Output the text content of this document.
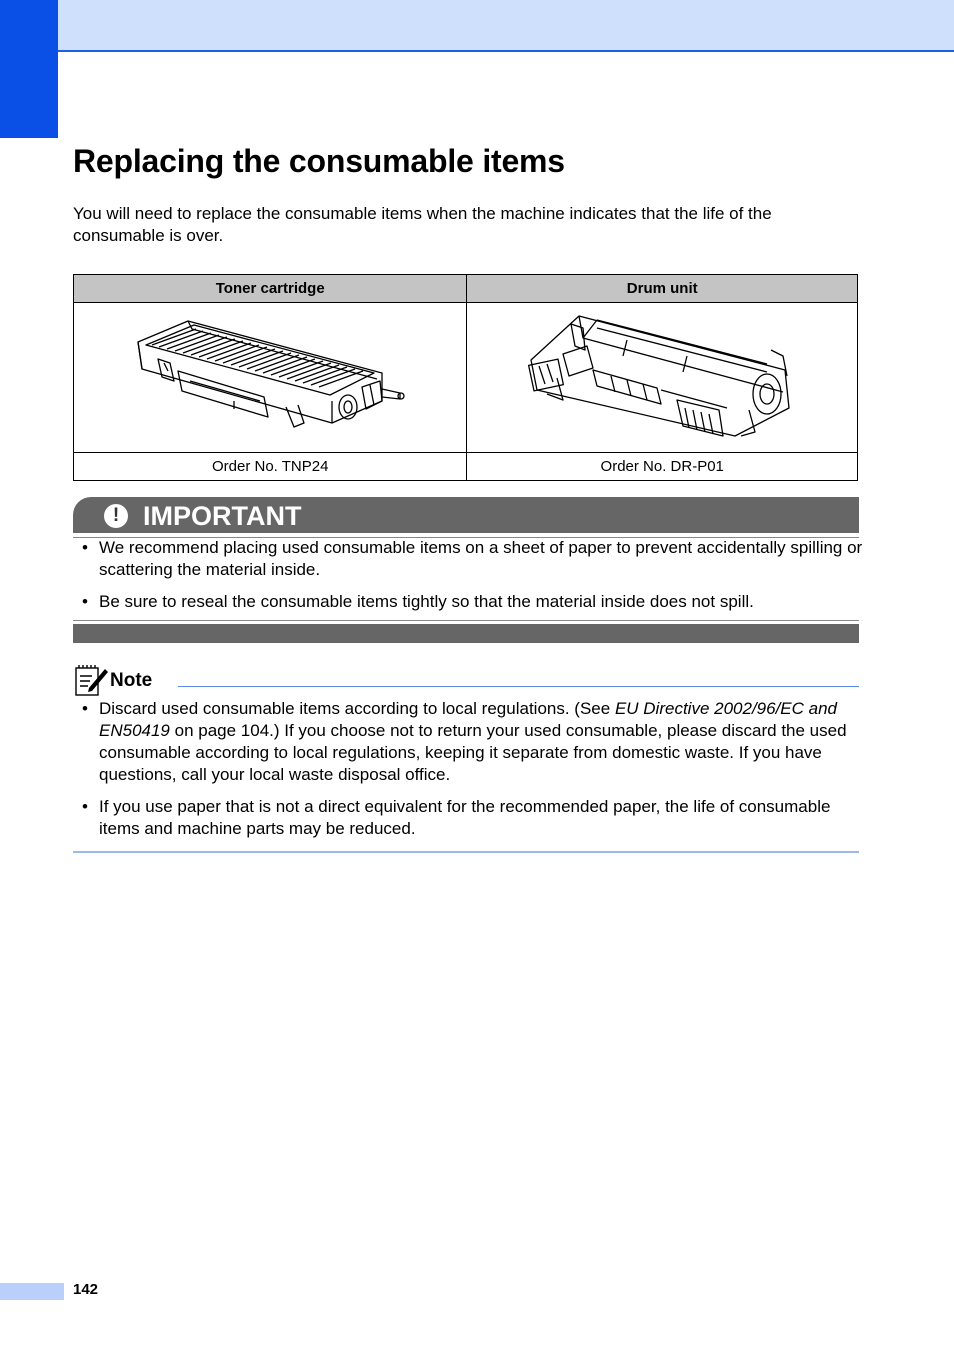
Replacing the consumable items

You will need to replace the consumable items when the machine indicates that the life of the consumable is over.

Toner cartridge	Drum unit

Order No. TNP24	Order No. DR-P01
! IMPORTANT
• We recommend placing used consumable items on a sheet of paper to prevent accidentally spilling or scattering the material inside.
• Be sure to reseal the consumable items tightly so that the material inside does not spill.
Note
• Discard used consumable items according to local regulations. (See EU Directive 2002/96/EC and EN50419 on page 104.) If you choose not to return your used consumable, please discard the used consumable according to local regulations, keeping it separate from domestic waste. If you have questions, call your local waste disposal office.
• If you use paper that is not a direct equivalent for the recommended paper, the life of consumable items and machine parts may be reduced.
142
